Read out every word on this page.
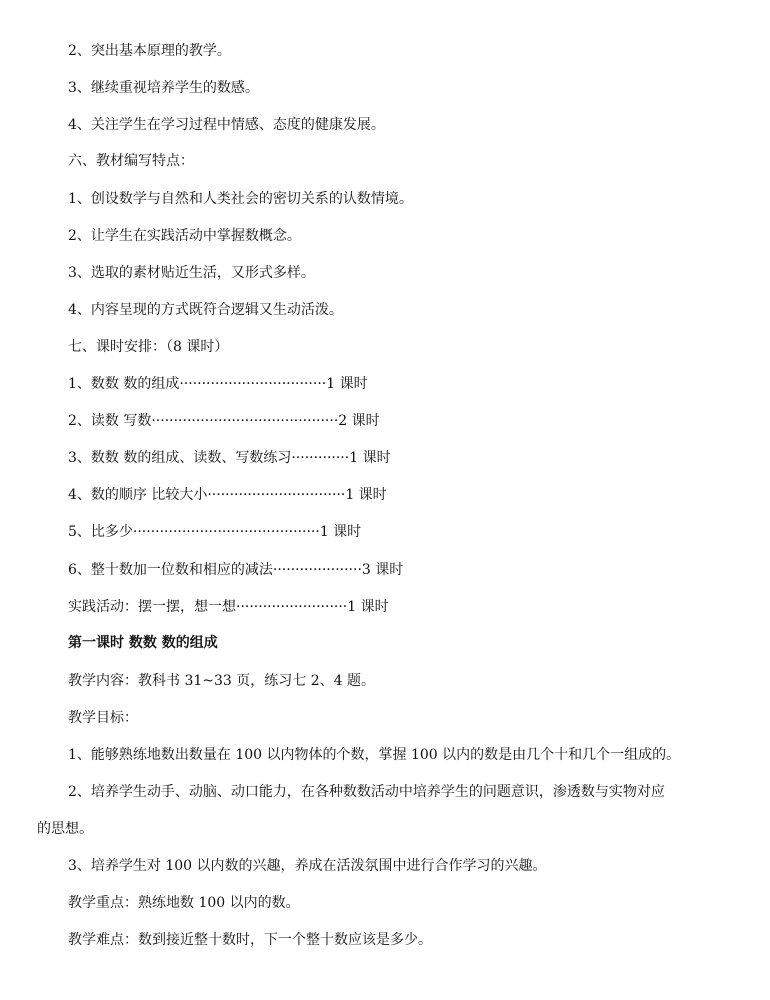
2、突出基本原理的教学。
3、继续重视培养学生的数感。
4、关注学生在学习过程中情感、态度的健康发展。
六、教材编写特点：
1、创设数学与自然和人类社会的密切关系的认数情境。
2、让学生在实践活动中掌握数概念。
3、选取的素材贴近生活，又形式多样。
4、内容呈现的方式既符合逻辑又生动活泼。
七、课时安排：（8 课时）
1、数数 数的组成·································1 课时
2、读数 写数··········································2 课时
3、数数 数的组成、读数、写数练习·············1 课时
4、数的顺序 比较大小·······························1 课时
5、比多少··········································1 课时
6、整十数加一位数和相应的减法····················3 课时
实践活动：摆一摆，想一想·························1 课时
第一课时 数数 数的组成
教学内容：教科书 31~33 页，练习七 2、4 题。
教学目标：
1、能够熟练地数出数量在 100 以内物体的个数，掌握 100 以内的数是由几个十和几个一组成的。
2、培养学生动手、动脑、动口能力，在各种数数活动中培养学生的问题意识，渗透数与实物对应
的思想。
3、培养学生对 100 以内数的兴趣，养成在活泼氛围中进行合作学习的兴趣。
教学重点：熟练地数 100 以内的数。
教学难点：数到接近整十数时，下一个整十数应该是多少。
